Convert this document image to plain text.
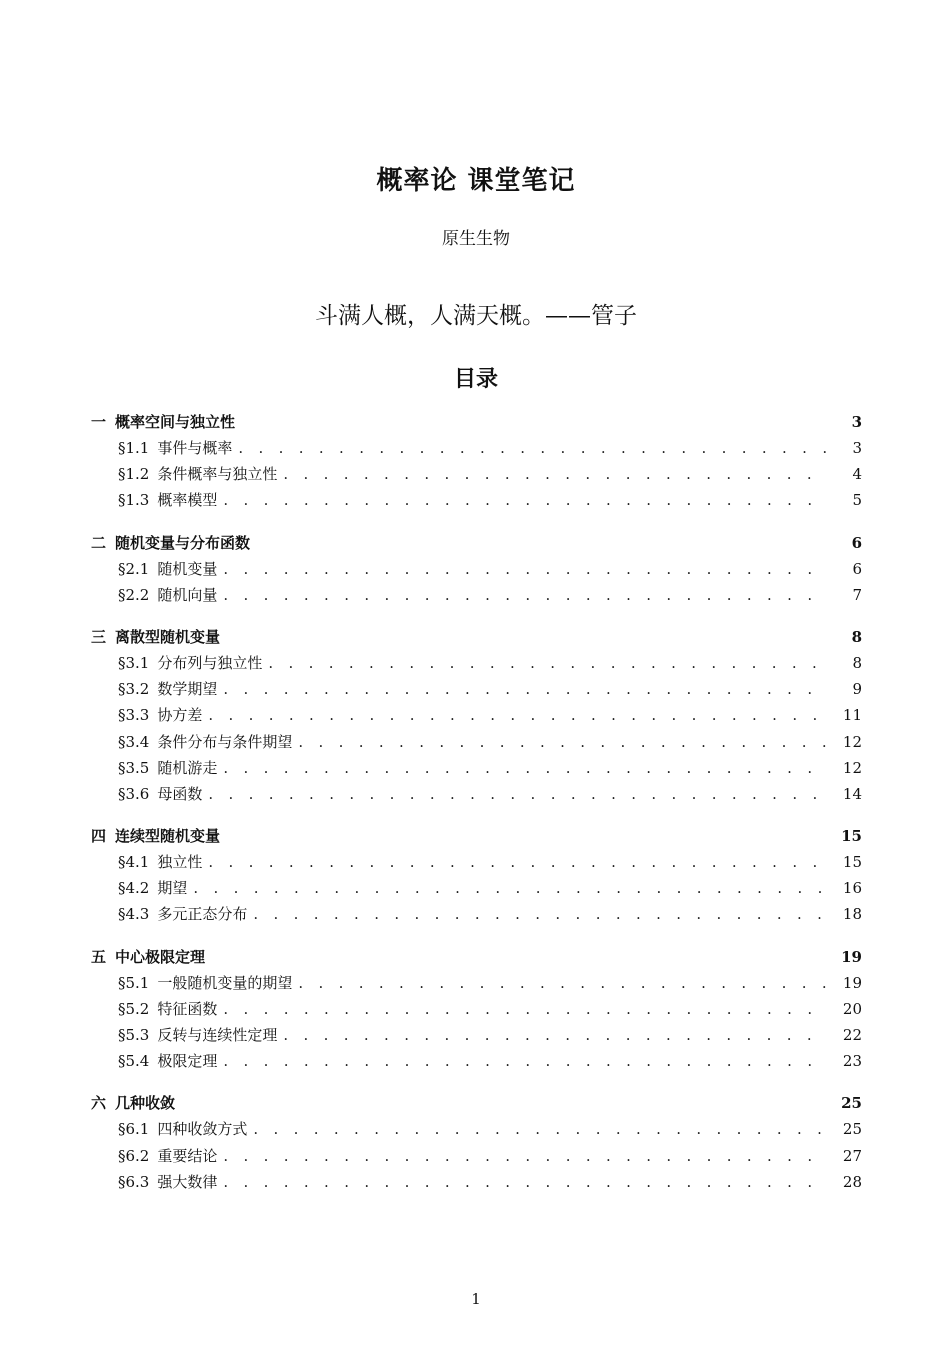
概率论 课堂笔记
原生生物
斗满人概，人满天概。——管子
目录
一 概率空间与独立性	3
§1.1 事件与概率 . . .	3
§1.2 条件概率与独立性 . . .	4
§1.3 概率模型 . . .	5
二 随机变量与分布函数	6
§2.1 随机变量 . . .	6
§2.2 随机向量 . . .	7
三 离散型随机变量	8
§3.1 分布列与独立性 . . .	8
§3.2 数学期望 . . .	9
§3.3 协方差 . . .	11
§3.4 条件分布与条件期望 . . .	12
§3.5 随机游走 . . .	12
§3.6 母函数 . . .	14
四 连续型随机变量	15
§4.1 独立性 . . .	15
§4.2 期望 . . .	16
§4.3 多元正态分布 . . .	18
五 中心极限定理	19
§5.1 一般随机变量的期望 . . .	19
§5.2 特征函数 . . .	20
§5.3 反转与连续性定理 . . .	22
§5.4 极限定理 . . .	23
六 几种收敛	25
§6.1 四种收敛方式 . . .	25
§6.2 重要结论 . . .	27
§6.3 强大数律 . . .	28
1
